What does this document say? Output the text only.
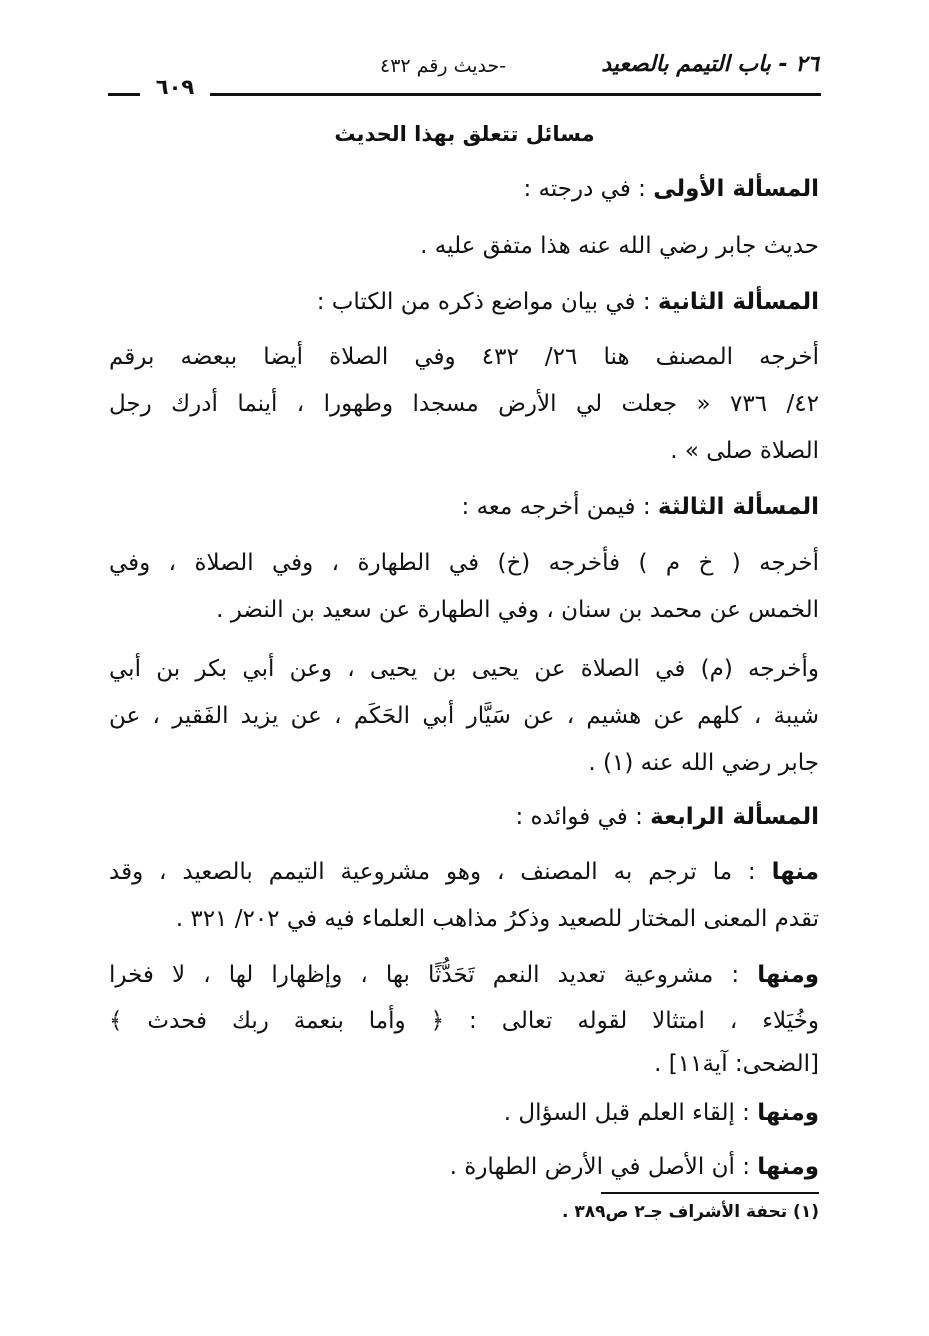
٢٦ - باب التيمم بالصعيد
-حديث رقم ٤٣٢
٦٠٩
مسائل تتعلق بهذا الحديث
المسألة الأولى : في درجته :
حديث جابر رضي الله عنه هذا متفق عليه .
المسألة الثانية : في بيان مواضع ذكره من الكتاب :
أخرجه المصنف هنا ٢٦/ ٤٣٢ وفي الصلاة أيضا ببعضه برقم
٤٢/ ٧٣٦ « جعلت لي الأرض مسجدا وطهورا ، أينما أدرك رجل
الصلاة صلى » .
المسألة الثالثة : فيمن أخرجه معه :
أخرجه ( خ م ) فأخرجه (خ) في الطهارة ، وفي الصلاة ، وفي
الخمس عن محمد بن سنان ، وفي الطهارة عن سعيد بن النضر .
وأخرجه (م) في الصلاة عن يحيى بن يحيى ، وعن أبي بكر بن أبي
شيبة ، كلهم عن هشيم ، عن سَيَّار أبي الحَكَم ، عن يزيد الفَقير ، عن
جابر رضي الله عنه (١) .
المسألة الرابعة : في فوائده :
منها : ما ترجم به المصنف ، وهو مشروعية التيمم بالصعيد ، وقد
تقدم المعنى المختار للصعيد وذكرُ مذاهب العلماء فيه في ٢٠٢/ ٣٢١ .
ومنها : مشروعية تعديد النعم تَحَدُّثًا بها ، وإظهارا لها ، لا فخرا
وخُيَلاء ، امتثالا لقوله تعالى : ﴿ وأما بنعمة ربك فحدث ﴾
[الضحى: آية١١] .
ومنها : إلقاء العلم قبل السؤال .
ومنها : أن الأصل في الأرض الطهارة .
(١) تحفة الأشراف جـ٢ ص٣٨٩ .
